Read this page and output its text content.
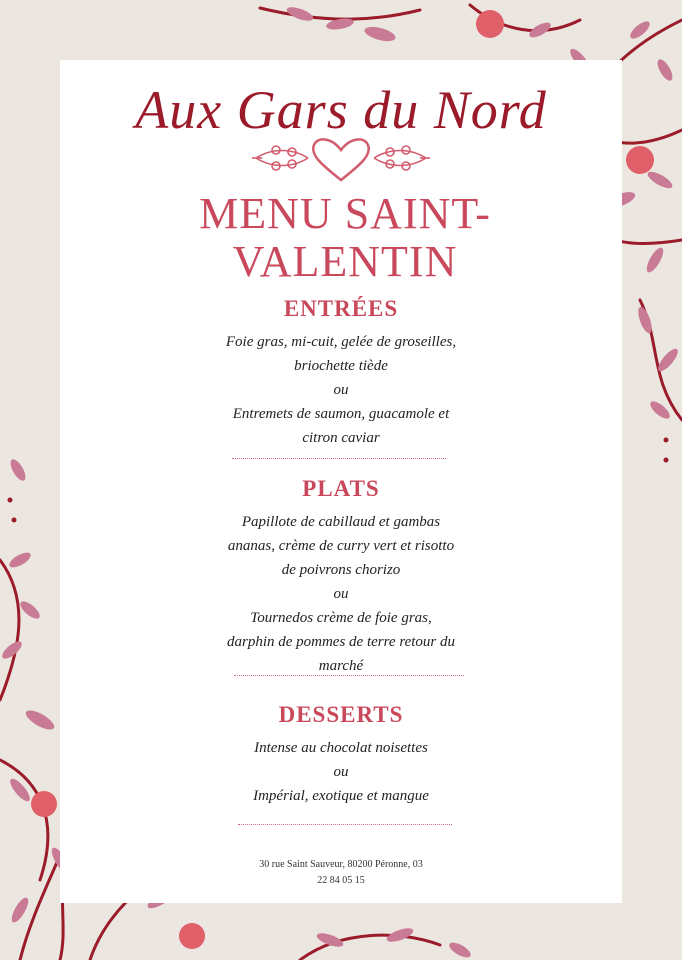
Aux Gars du Nord
MENU SAINT-
VALENTIN
ENTRÉES
Foie gras, mi-cuit, gelée de groseilles,
briochette tiède
ou
Entremets de saumon, guacamole et
citron caviar
PLATS
Papillote de cabillaud et gambas
ananas, crème de curry vert et risotto
de poivrons chorizo
ou
Tournedos crème de foie gras,
darphin de pommes de terre retour du
marché
DESSERTS
Intense au chocolat noisettes
ou
Impérial, exotique et mangue
30 rue Saint Sauveur, 80200 Péronne, 03
22 84 05 15
